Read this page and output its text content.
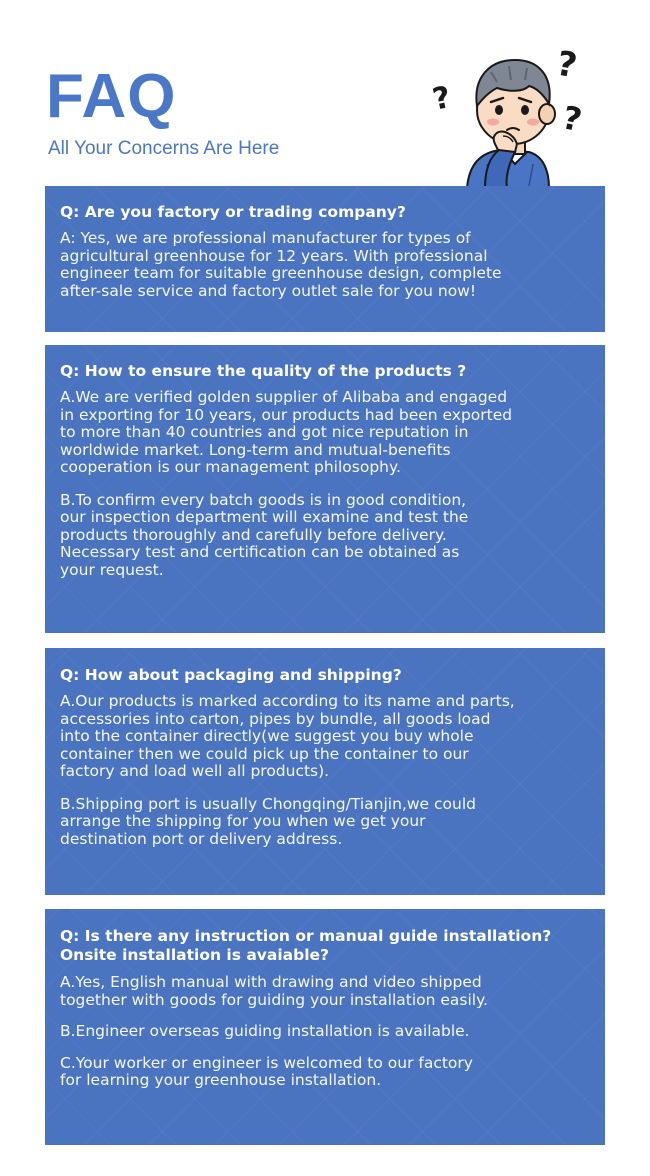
FAQ
All Your Concerns Are Here
?
?
?

Q: Are you factory or trading company?

A: Yes, we are professional manufacturer for types of
agricultural greenhouse for 12 years. With professional
engineer team for suitable greenhouse design, complete
after-sale service and factory outlet sale for you now!

Q: How to ensure the quality of the products ?

A.We are verified golden supplier of Alibaba and engaged
in exporting for 10 years, our products had been exported
to more than 40 countries and got nice reputation in
worldwide market. Long-term and mutual-benefits
cooperation is our management philosophy.

B.To confirm every batch goods is in good condition,
our inspection department will examine and test the
products thoroughly and carefully before delivery.
Necessary test and certification can be obtained as
your request.

Q: How about packaging and shipping?

A.Our products is marked according to its name and parts,
accessories into carton, pipes by bundle, all goods load
into the container directly(we suggest you buy whole
container then we could pick up the container to our
factory and load well all products).

B.Shipping port is usually Chongqing/Tianjin,we could
arrange the shipping for you when we get your
destination port or delivery address.

Q: Is there any instruction or manual guide installation?
Onsite installation is avaiable?

A.Yes, English manual with drawing and video shipped
together with goods for guiding your installation easily.

B.Engineer overseas guiding installation is available.

C.Your worker or engineer is welcomed to our factory
for learning your greenhouse installation.
